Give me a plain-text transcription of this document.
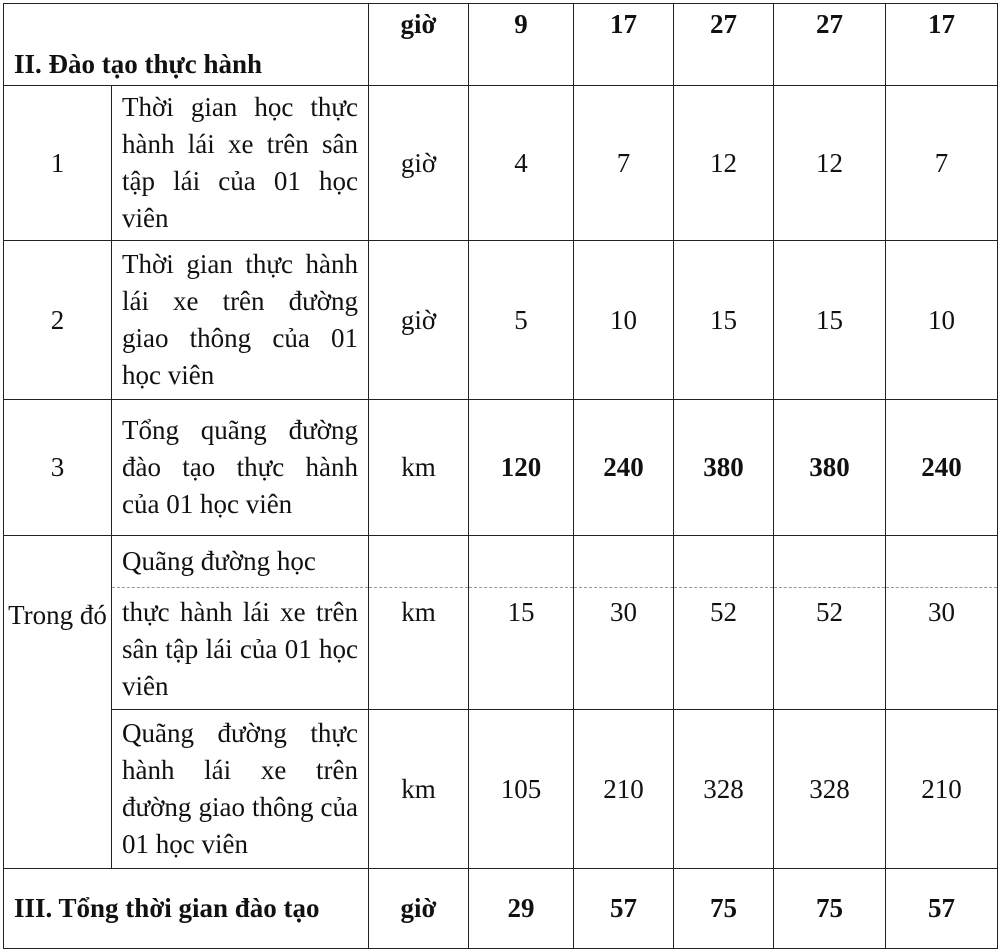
II. Đào tạo thực hành		giờ	9	17	27	27	17
1	Thời gian học thực hành lái xe trên sân tập lái của 01 học viên	giờ	4	7	12	12	7
2	Thời gian thực hành lái xe trên đường giao thông của 01 học viên	giờ	5	10	15	15	10
3	Tổng quãng đường đào tạo thực hành của 01 học viên	km	120	240	380	380	240
Trong đó	Quãng đường học						
	thực hành lái xe trên sân tập lái của 01 học viên	km	15	30	52	52	30
	Quãng đường thực hành lái xe trên đường giao thông của 01 học viên	km	105	210	328	328	210
III. Tổng thời gian đào tạo		giờ	29	57	75	75	57
